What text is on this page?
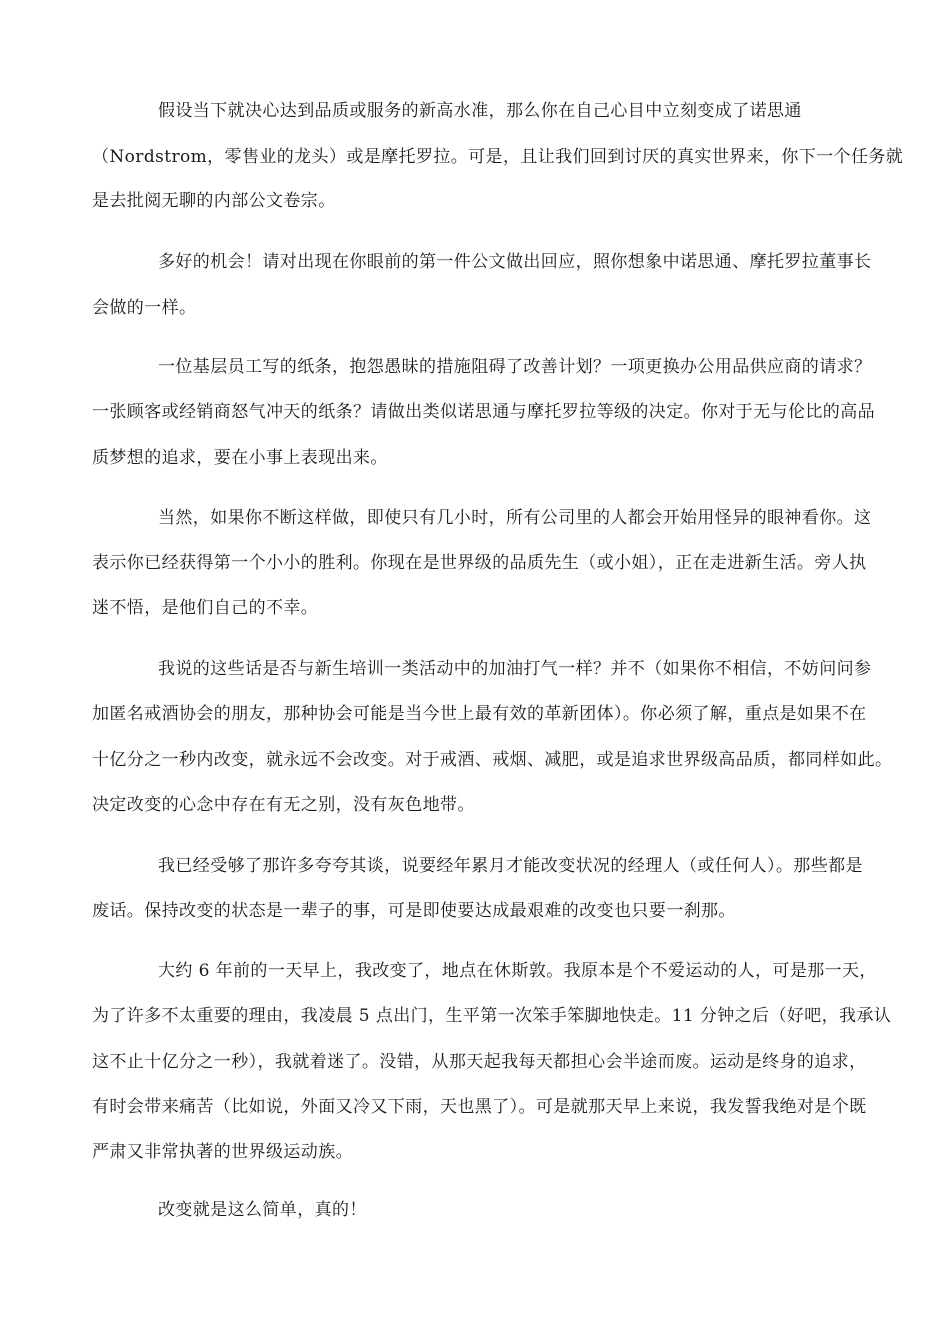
假设当下就决心达到品质或服务的新高水准，那么你在自己心目中立刻变成了诺思通
（Nordstrom，零售业的龙头）或是摩托罗拉。可是，且让我们回到讨厌的真实世界来，你下一个任务就
是去批阅无聊的内部公文卷宗。
多好的机会！请对出现在你眼前的第一件公文做出回应，照你想象中诺思通、摩托罗拉董事长
会做的一样。
一位基层员工写的纸条，抱怨愚昧的措施阻碍了改善计划？一项更换办公用品供应商的请求？
一张顾客或经销商怒气冲天的纸条？请做出类似诺思通与摩托罗拉等级的决定。你对于无与伦比的高品
质梦想的追求，要在小事上表现出来。
当然，如果你不断这样做，即使只有几小时，所有公司里的人都会开始用怪异的眼神看你。这
表示你已经获得第一个小小的胜利。你现在是世界级的品质先生（或小姐），正在走进新生活。旁人执
迷不悟，是他们自己的不幸。
我说的这些话是否与新生培训一类活动中的加油打气一样？并不（如果你不相信，不妨问问参
加匿名戒酒协会的朋友，那种协会可能是当今世上最有效的革新团体）。你必须了解，重点是如果不在
十亿分之一秒内改变，就永远不会改变。对于戒酒、戒烟、减肥，或是追求世界级高品质，都同样如此。
决定改变的心念中存在有无之别，没有灰色地带。
我已经受够了那许多夸夸其谈，说要经年累月才能改变状况的经理人（或任何人）。那些都是
废话。保持改变的状态是一辈子的事，可是即使要达成最艰难的改变也只要一刹那。
大约 6 年前的一天早上，我改变了，地点在休斯敦。我原本是个不爱运动的人，可是那一天，
为了许多不太重要的理由，我凌晨 5 点出门，生平第一次笨手笨脚地快走。11 分钟之后（好吧，我承认
这不止十亿分之一秒），我就着迷了。没错，从那天起我每天都担心会半途而废。运动是终身的追求，
有时会带来痛苦（比如说，外面又冷又下雨，天也黑了）。可是就那天早上来说，我发誓我绝对是个既
严肃又非常执著的世界级运动族。
改变就是这么简单，真的！
